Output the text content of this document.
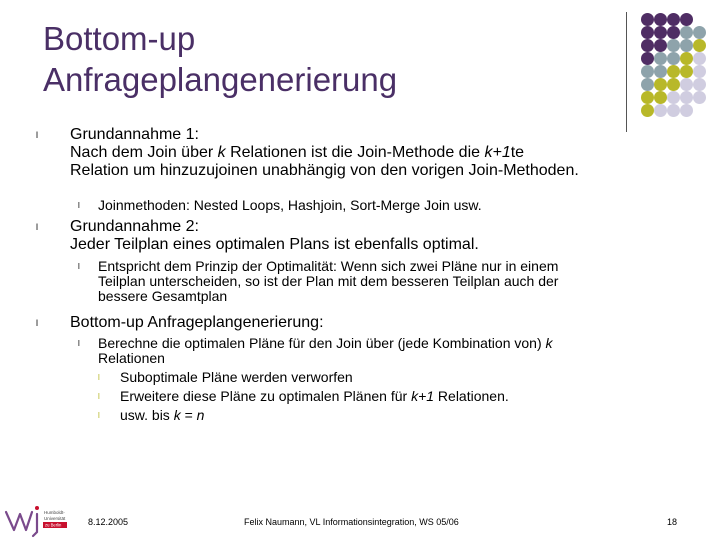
Bottom-up
Anfrageplangenerierung
l Grundannahme 1:
Nach dem Join über k Relationen ist die Join-Methode die k+1te
Relation um hinzuzujoinen unabhängig von den vorigen Join-Methoden.
l Joinmethoden: Nested Loops, Hashjoin, Sort-Merge Join usw.
l Grundannahme 2:
Jeder Teilplan eines optimalen Plans ist ebenfalls optimal.
l Entspricht dem Prinzip der Optimalität: Wenn sich zwei Pläne nur in einem
Teilplan unterscheiden, so ist der Plan mit dem besseren Teilplan auch der
bessere Gesamtplan
l Bottom-up Anfrageplangenerierung:
l Berechne die optimalen Pläne für den Join über (jede Kombination von) k
Relationen
l Suboptimale Pläne werden verworfen
l Erweitere diese Pläne zu optimalen Plänen für k+1 Relationen.
l usw. bis k = n
Humboldt-
Universität
zu Berlin	8.12.2005	Felix Naumann, VL Informationsintegration, WS 05/06	18
